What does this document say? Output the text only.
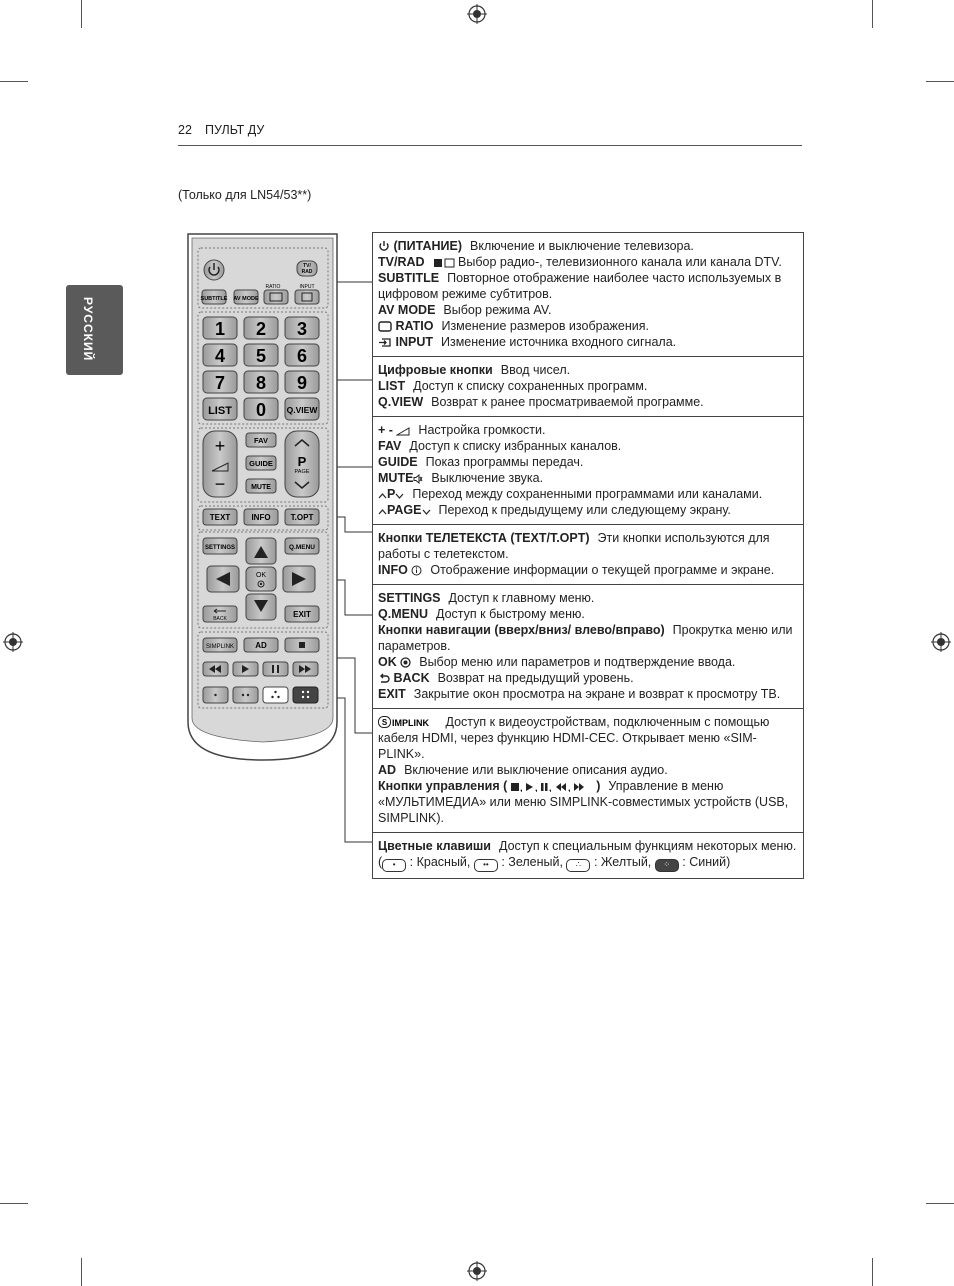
22 ПУЛЬТ ДУ
РУССКИЙ
(Только для LN54/53**)
TV/
RAD
RATIO	INPUT
SUBTITLE AV MODE
1 2 3
4 5 6
7 8 9
0
LIST	Q.VIEW
+
−
P
PAGE
FAV
GUIDE
MUTE
TEXT	INFO	T.OPT
SETTINGS	Q.MENU
OK
BACK	EXIT
SIMPLINK	AD
(ПИТАНИЕ) Включение и выключение телевизора.
TV/RAD	Выбор радио-, телевизионного канала или канала DTV.
SUBTITLE Повторное отображение наиболее часто используемых в цифровом режиме субтитров.
AV MODE Выбор режима AV.
RATIO Изменение размеров изображения.
INPUT Изменение источника входного сигнала.
Цифровые кнопки Ввод чисел.
LIST Доступ к списку сохраненных программ.
Q.VIEW Возврат к ранее просматриваемой программе.
+ - Настройка громкости.
FAV Доступ к списку избранных каналов.
GUIDE Показ программы передач.
MUTE Выключение звука.
P Переход между сохраненными программами или каналами.
PAGE Переход к предыдущему или следующему экрану.
Кнопки ТЕЛЕТЕКСТА (TEXT/T.OPT) Эти кнопки используются для работы с телетекстом.
INFO Отображение информации о текущей программе и экране.
SETTINGS Доступ к главному меню.
Q.MENU Доступ к быстрому меню.
Кнопки навигации (вверх/вниз/ влево/вправо) Прокрутка меню или параметров.
OK Выбор меню или параметров и подтверждение ввода.
BACK Возврат на предыдущий уровень.
EXIT Закрытие окон просмотра на экране и возврат к просмотру ТВ.
S IMPLINK Доступ к видеоустройствам, подключенным с помощью кабеля HDMI, через функцию HDMI-CEC. Открывает меню «SIM-PLINK».
AD Включение или выключение описания аудио.
Кнопки управления ( , , , , ) Управление в меню «МУЛЬТИМЕДИА» или меню SIMPLINK-совместимых устройств (USB, SIMPLINK).
Цветные клавиши Доступ к специальным функциям некоторых меню. ( • : Красный, •• : Зеленый, ∴ : Желтый, ⁘ : Синий)
